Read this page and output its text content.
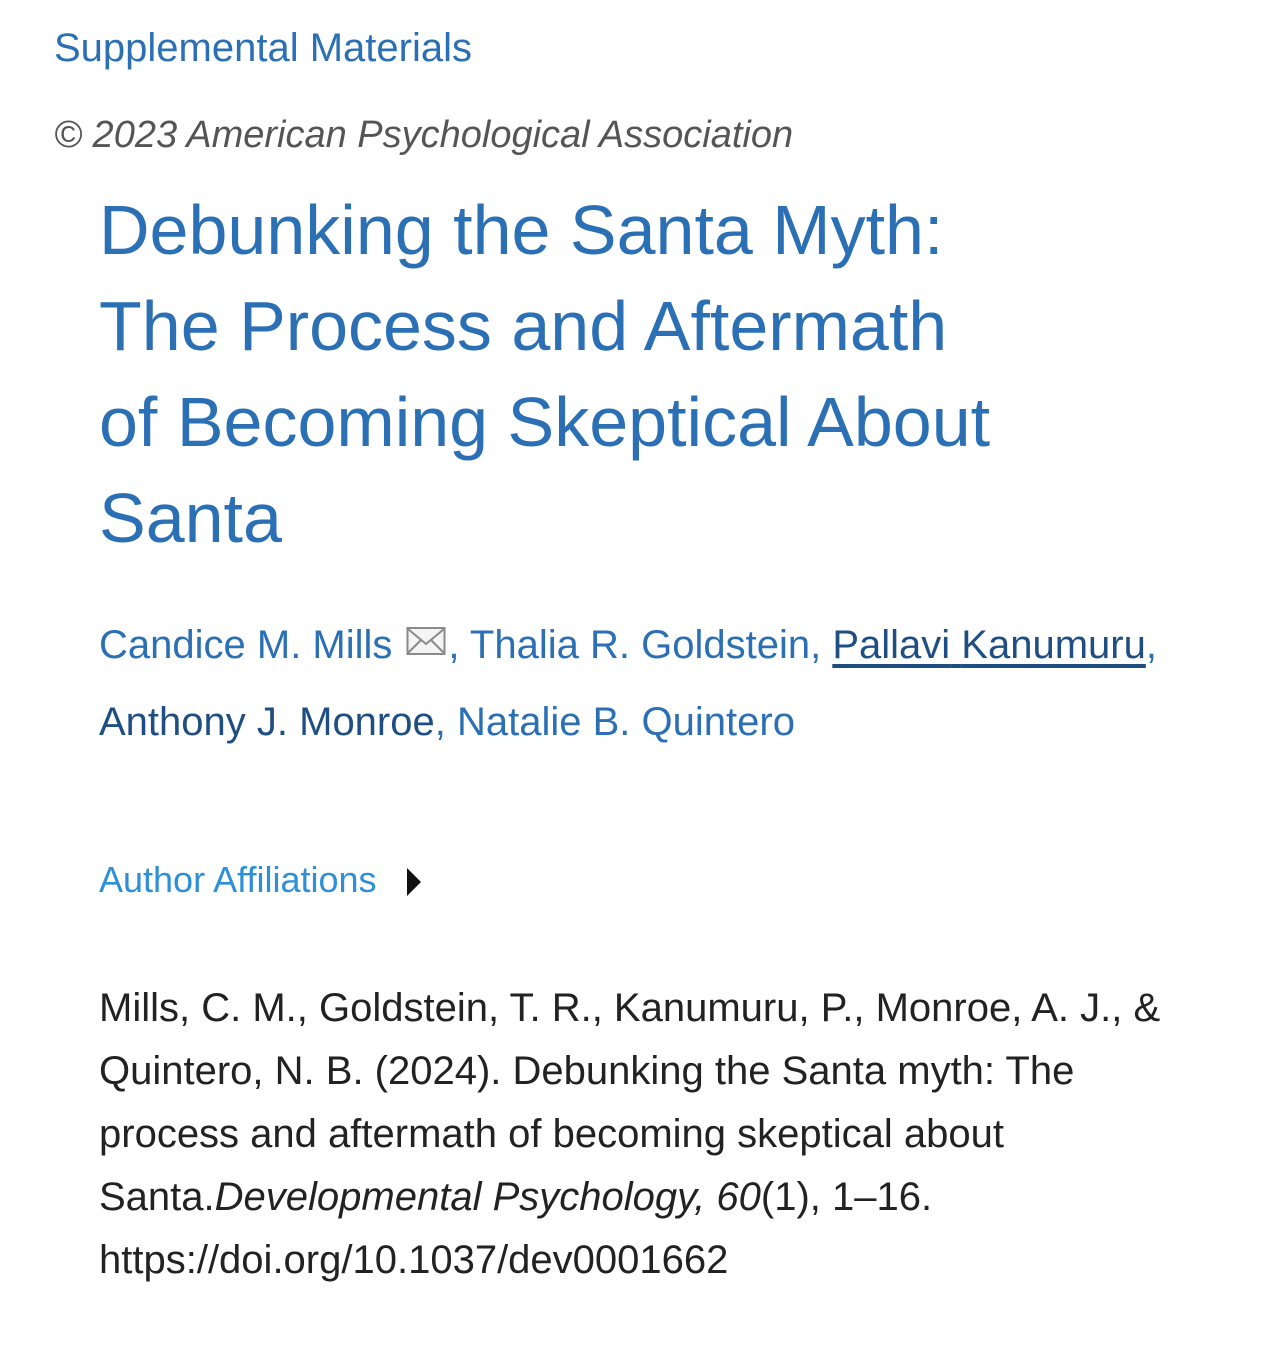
Supplemental Materials
© 2023 American Psychological Association
Debunking the Santa Myth:
The Process and Aftermath
of Becoming Skeptical About
Santa
Candice M. Mills , Thalia R. Goldstein, Pallavi Kanumuru, Anthony J. Monroe, Natalie B. Quintero
Author Affiliations
Mills, C. M., Goldstein, T. R., Kanumuru, P., Monroe, A. J., & Quintero, N. B. (2024). Debunking the Santa myth: The process and aftermath of becoming skeptical about Santa.Developmental Psychology, 60(1), 1–16.
https://doi.org/10.1037/dev0001662
